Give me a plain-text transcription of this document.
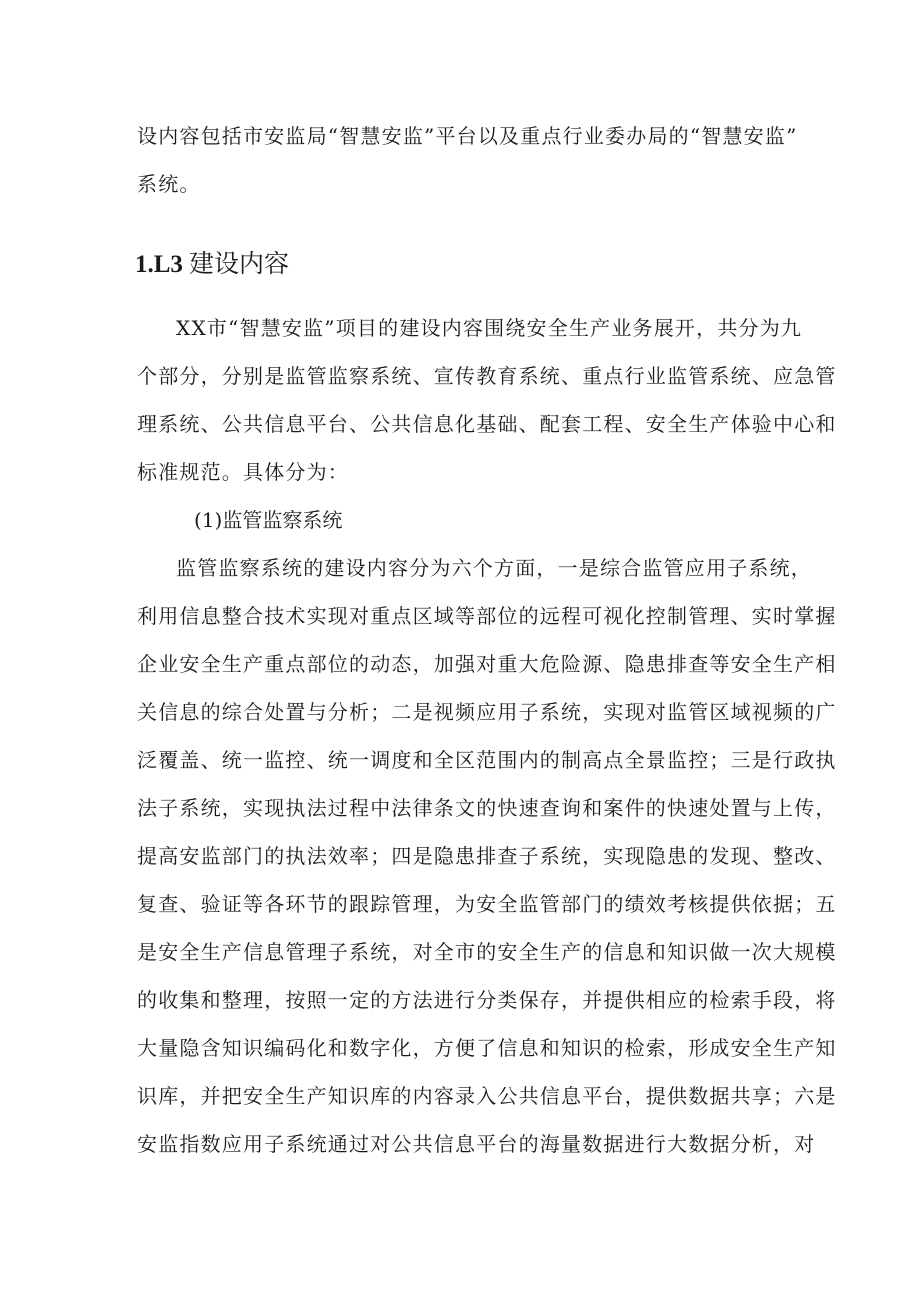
设内容包括市安监局“智慧安监”平台以及重点行业委办局的“智慧安监”
系统。
1.L3 建设内容
XX市“智慧安监”项目的建设内容围绕安全生产业务展开，共分为九
个部分，分别是监管监察系统、宣传教育系统、重点行业监管系统、应急管
理系统、公共信息平台、公共信息化基础、配套工程、安全生产体验中心和
标准规范。具体分为：
(1)监管监察系统
监管监察系统的建设内容分为六个方面，一是综合监管应用子系统，
利用信息整合技术实现对重点区域等部位的远程可视化控制管理、实时掌握
企业安全生产重点部位的动态，加强对重大危险源、隐患排查等安全生产相
关信息的综合处置与分析；二是视频应用子系统，实现对监管区域视频的广
泛覆盖、统一监控、统一调度和全区范围内的制高点全景监控；三是行政执
法子系统，实现执法过程中法律条文的快速查询和案件的快速处置与上传，
提高安监部门的执法效率；四是隐患排查子系统，实现隐患的发现、整改、
复查、验证等各环节的跟踪管理，为安全监管部门的绩效考核提供依据；五
是安全生产信息管理子系统，对全市的安全生产的信息和知识做一次大规模
的收集和整理，按照一定的方法进行分类保存，并提供相应的检索手段，将
大量隐含知识编码化和数字化，方便了信息和知识的检索，形成安全生产知
识库，并把安全生产知识库的内容录入公共信息平台，提供数据共享；六是
安监指数应用子系统通过对公共信息平台的海量数据进行大数据分析，对
